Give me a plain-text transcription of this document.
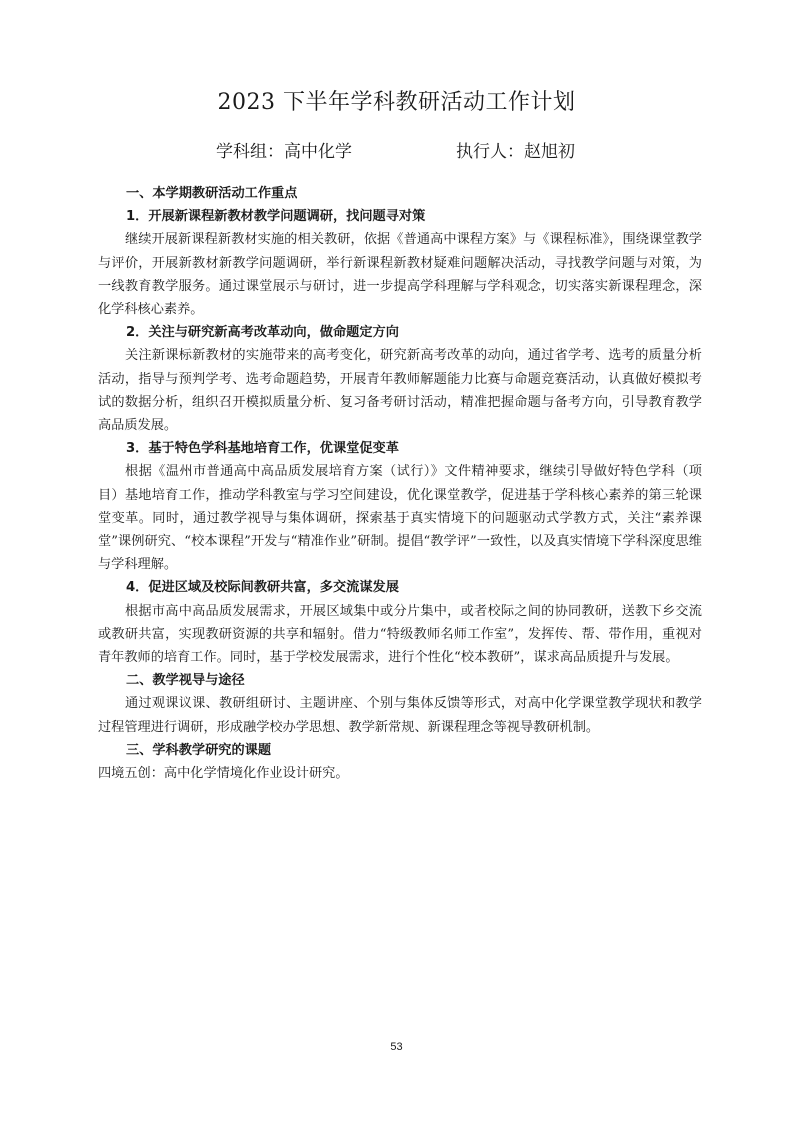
2023 下半年学科教研活动工作计划
学科组：高中化学	执行人：赵旭初
一、本学期教研活动工作重点
1．开展新课程新教材教学问题调研，找问题寻对策
继续开展新课程新教材实施的相关教研，依据《普通高中课程方案》与《课程标准》，围绕课堂教学与评价，开展新教材新教学问题调研，举行新课程新教材疑难问题解决活动，寻找教学问题与对策，为一线教育教学服务。通过课堂展示与研讨，进一步提高学科理解与学科观念，切实落实新课程理念，深化学科核心素养。
2．关注与研究新高考改革动向，做命题定方向
关注新课标新教材的实施带来的高考变化，研究新高考改革的动向，通过省学考、选考的质量分析活动，指导与预判学考、选考命题趋势，开展青年教师解题能力比赛与命题竞赛活动，认真做好模拟考试的数据分析，组织召开模拟质量分析、复习备考研讨活动，精准把握命题与备考方向，引导教育教学高品质发展。
3．基于特色学科基地培育工作，优课堂促变革
根据《温州市普通高中高品质发展培育方案（试行）》文件精神要求，继续引导做好特色学科（项目）基地培育工作，推动学科教室与学习空间建设，优化课堂教学，促进基于学科核心素养的第三轮课堂变革。同时，通过教学视导与集体调研，探索基于真实情境下的问题驱动式学教方式，关注“素养课堂”课例研究、“校本课程”开发与“精准作业”研制。提倡“教学评”一致性，以及真实情境下学科深度思维与学科理解。
4．促进区域及校际间教研共富，多交流谋发展
根据市高中高品质发展需求，开展区域集中或分片集中，或者校际之间的协同教研，送教下乡交流或教研共富，实现教研资源的共享和辐射。借力“特级教师名师工作室”，发挥传、帮、带作用，重视对青年教师的培育工作。同时，基于学校发展需求，进行个性化“校本教研”，谋求高品质提升与发展。
二、教学视导与途径
通过观课议课、教研组研讨、主题讲座、个别与集体反馈等形式，对高中化学课堂教学现状和教学过程管理进行调研，形成融学校办学思想、教学新常规、新课程理念等视导教研机制。
三、学科教学研究的课题
四境五创：高中化学情境化作业设计研究。
53
